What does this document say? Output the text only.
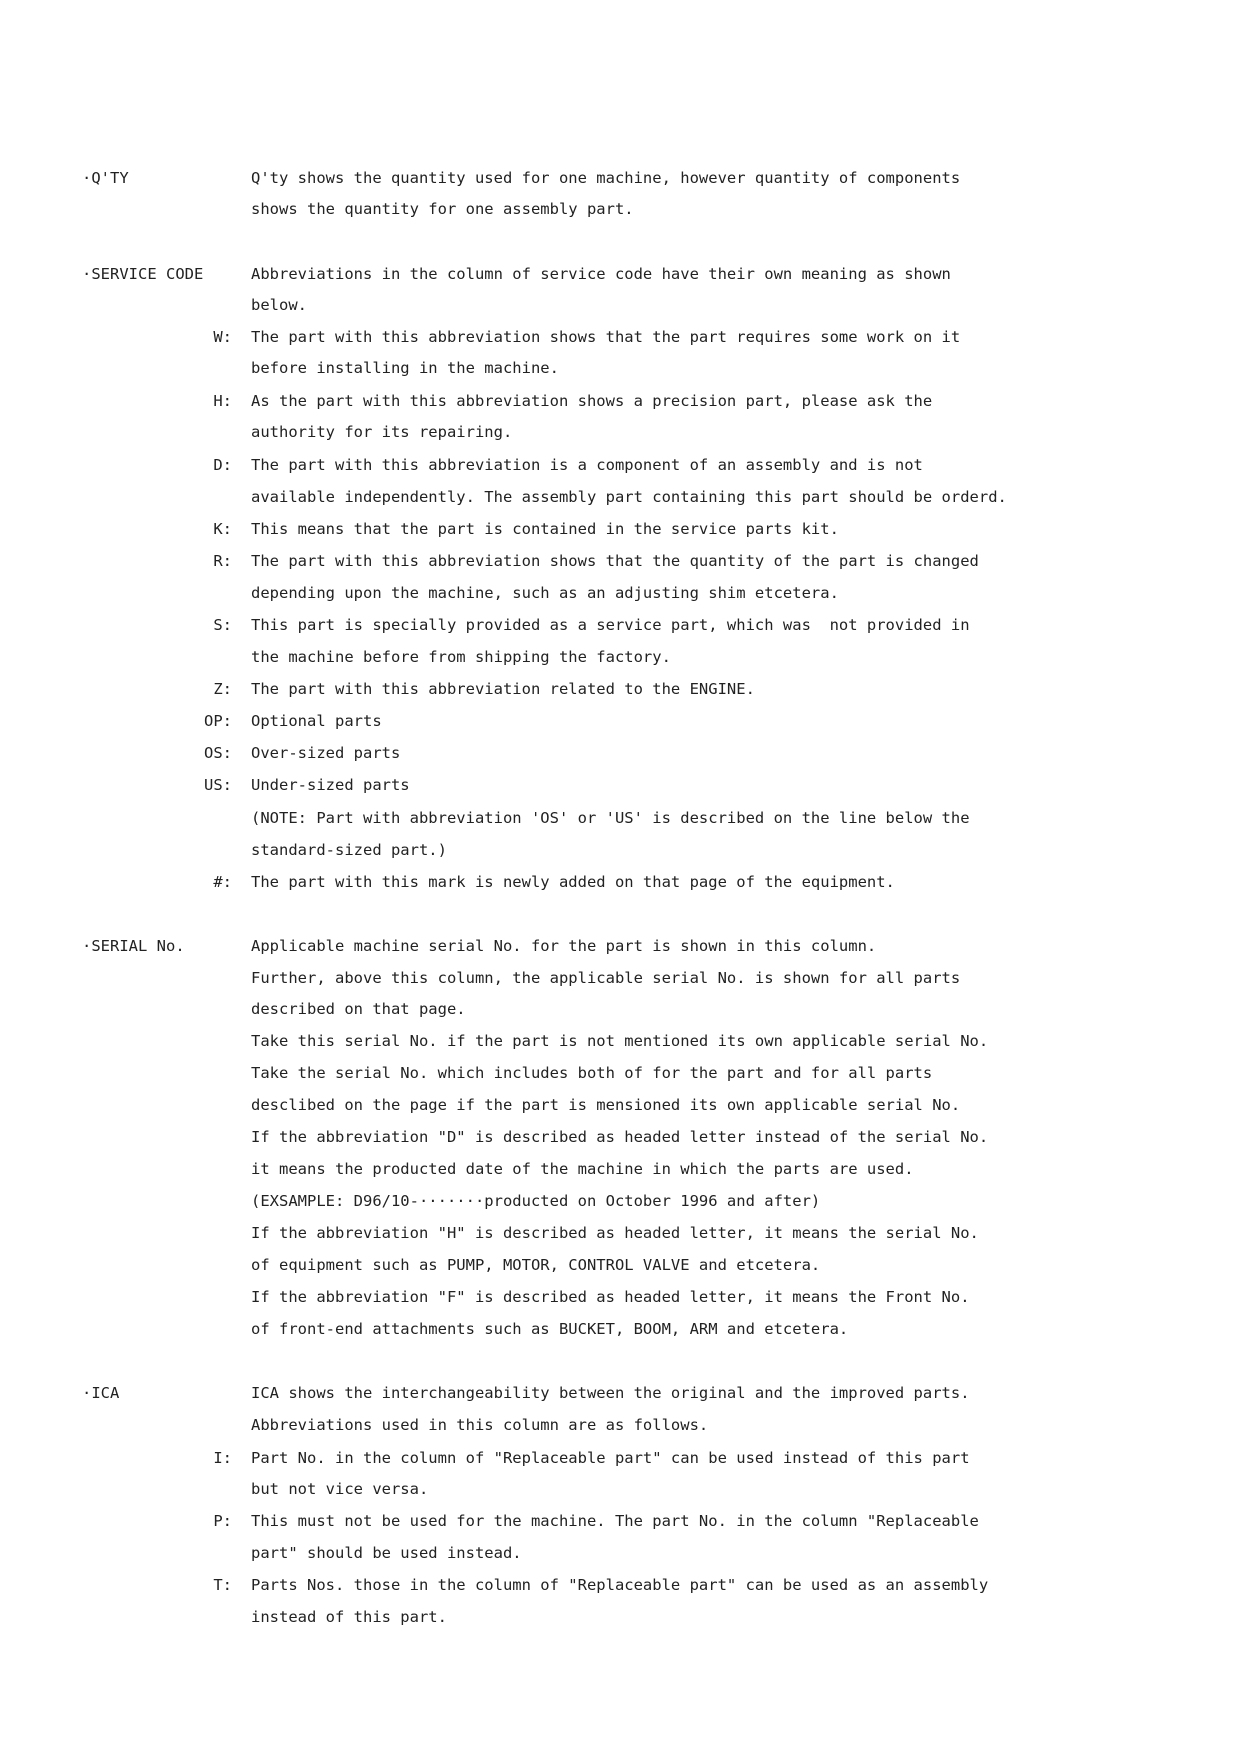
·Q'TY	Q'ty shows the quantity used for one machine, however quantity of components
shows the quantity for one assembly part.
·SERVICE CODE	Abbreviations in the column of service code have their own meaning as shown
below.
W: The part with this abbreviation shows that the part requires some work on it
before installing in the machine.
H: As the part with this abbreviation shows a precision part, please ask the
authority for its repairing.
D: The part with this abbreviation is a component of an assembly and is not
available independently. The assembly part containing this part should be orderd.
K: This means that the part is contained in the service parts kit.
R: The part with this abbreviation shows that the quantity of the part is changed
depending upon the machine, such as an adjusting shim etcetera.
S: This part is specially provided as a service part, which was  not provided in
the machine before from shipping the factory.
Z: The part with this abbreviation related to the ENGINE.
OP: Optional parts
OS: Over-sized parts
US: Under-sized parts
(NOTE: Part with abbreviation 'OS' or 'US' is described on the line below the
standard-sized part.)
#: The part with this mark is newly added on that page of the equipment.
·SERIAL No.	Applicable machine serial No. for the part is shown in this column.
Further, above this column, the applicable serial No. is shown for all parts
described on that page.
Take this serial No. if the part is not mentioned its own applicable serial No.
Take the serial No. which includes both of for the part and for all parts
desclibed on the page if the part is mensioned its own applicable serial No.
If the abbreviation "D" is described as headed letter instead of the serial No.
it means the producted date of the machine in which the parts are used.
(EXSAMPLE: D96/10-·······producted on October 1996 and after)
If the abbreviation "H" is described as headed letter, it means the serial No.
of equipment such as PUMP, MOTOR, CONTROL VALVE and etcetera.
If the abbreviation "F" is described as headed letter, it means the Front No.
of front-end attachments such as BUCKET, BOOM, ARM and etcetera.
·ICA	ICA shows the interchangeability between the original and the improved parts.
Abbreviations used in this column are as follows.
I: Part No. in the column of "Replaceable part" can be used instead of this part
but not vice versa.
P: This must not be used for the machine. The part No. in the column "Replaceable
part" should be used instead.
T: Parts Nos. those in the column of "Replaceable part" can be used as an assembly
instead of this part.
